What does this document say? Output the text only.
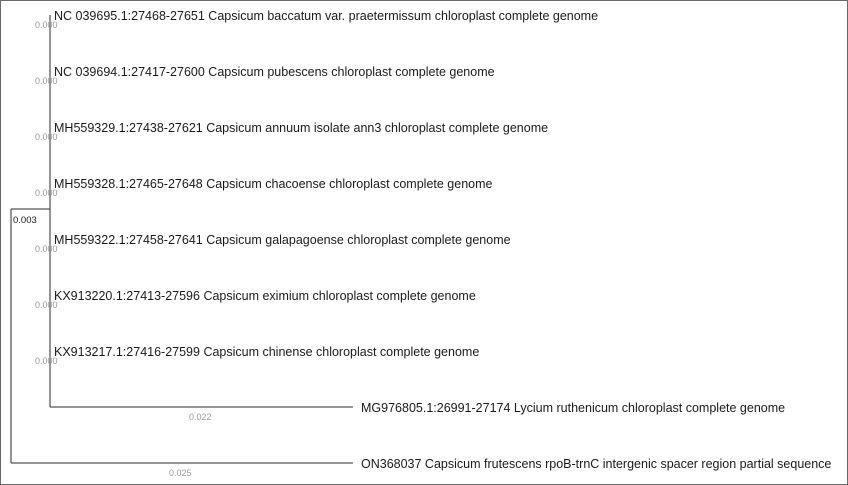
0.003
0.025
ON368037 Capsicum frutescens rpoB-trnC intergenic spacer region partial sequence
0.022
MG976805.1:26991-27174 Lycium ruthenicum chloroplast complete genome
NC 039695.1:27468-27651 Capsicum baccatum var. praetermissum chloroplast complete genome
0.000
NC 039694.1:27417-27600 Capsicum pubescens chloroplast complete genome
0.000
MH559329.1:27438-27621 Capsicum annuum isolate ann3 chloroplast complete genome
0.000
MH559328.1:27465-27648 Capsicum chacoense chloroplast complete genome
0.000
MH559322.1:27458-27641 Capsicum galapagoense chloroplast complete genome
0.000
KX913220.1:27413-27596 Capsicum eximium chloroplast complete genome
0.000
KX913217.1:27416-27599 Capsicum chinense chloroplast complete genome
0.000
